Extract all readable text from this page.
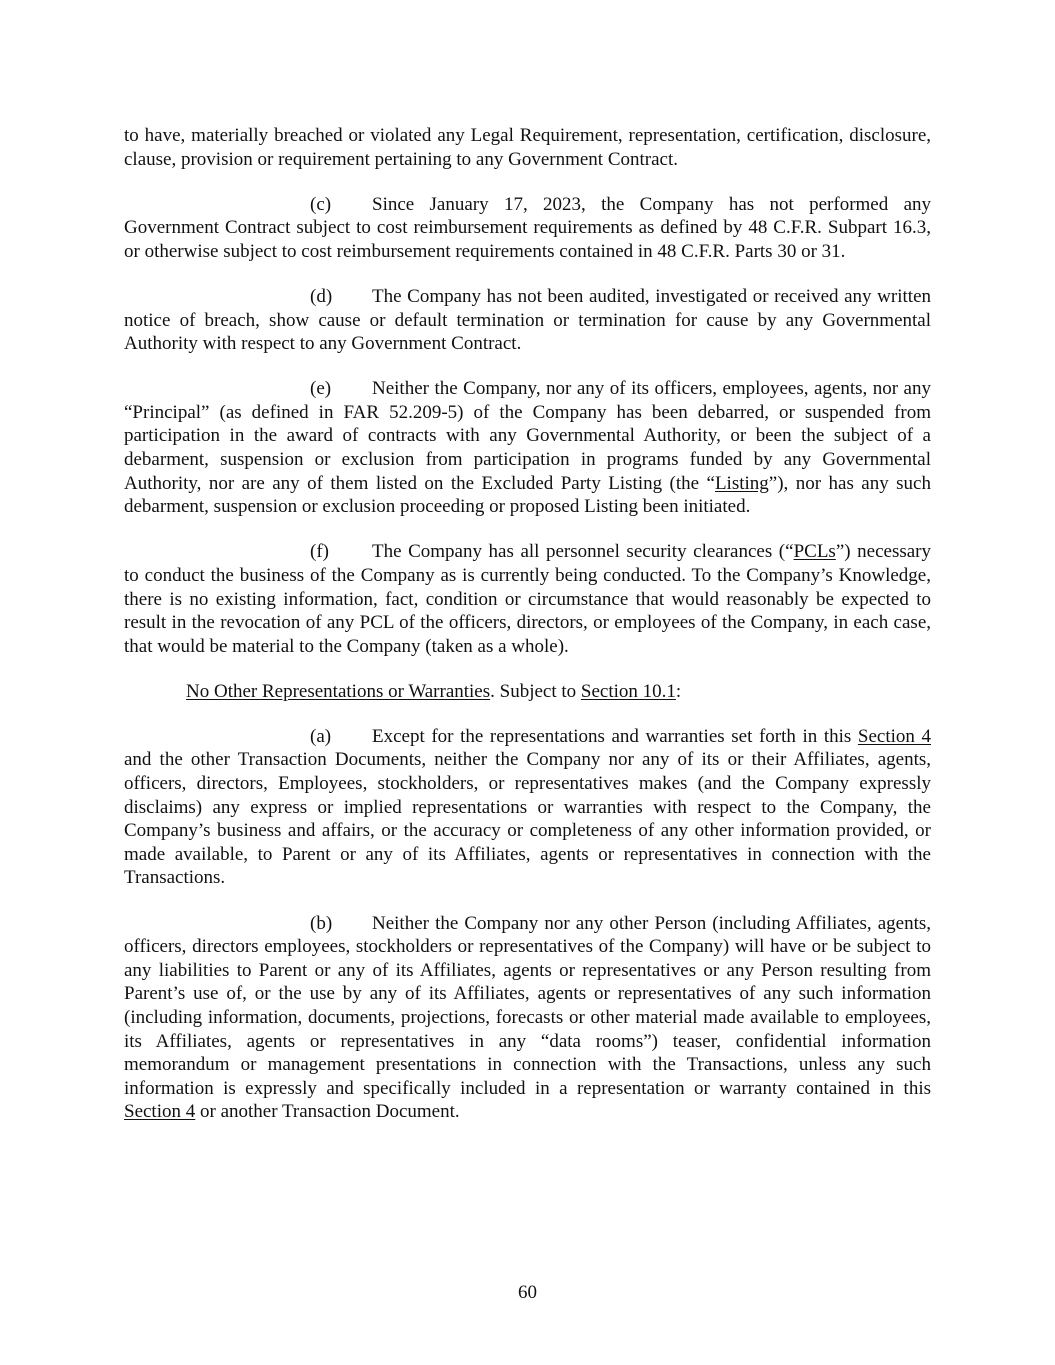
to have, materially breached or violated any Legal Requirement, representation, certification, disclosure, clause, provision or requirement pertaining to any Government Contract.

(c) Since January 17, 2023, the Company has not performed any Government Contract subject to cost reimbursement requirements as defined by 48 C.F.R. Subpart 16.3, or otherwise subject to cost reimbursement requirements contained in 48 C.F.R. Parts 30 or 31.

(d) The Company has not been audited, investigated or received any written notice of breach, show cause or default termination or termination for cause by any Governmental Authority with respect to any Government Contract.

(e) Neither the Company, nor any of its officers, employees, agents, nor any “Principal” (as defined in FAR 52.209-5) of the Company has been debarred, or suspended from participation in the award of contracts with any Governmental Authority, or been the subject of a debarment, suspension or exclusion from participation in programs funded by any Governmental Authority, nor are any of them listed on the Excluded Party Listing (the “Listing”), nor has any such debarment, suspension or exclusion proceeding or proposed Listing been initiated.

(f) The Company has all personnel security clearances (“PCLs”) necessary to conduct the business of the Company as is currently being conducted. To the Company’s Knowledge, there is no existing information, fact, condition or circumstance that would reasonably be expected to result in the revocation of any PCL of the officers, directors, or employees of the Company, in each case, that would be material to the Company (taken as a whole).

No Other Representations or Warranties. Subject to Section 10.1:

(a) Except for the representations and warranties set forth in this Section 4 and the other Transaction Documents, neither the Company nor any of its or their Affiliates, agents, officers, directors, Employees, stockholders, or representatives makes (and the Company expressly disclaims) any express or implied representations or warranties with respect to the Company, the Company’s business and affairs, or the accuracy or completeness of any other information provided, or made available, to Parent or any of its Affiliates, agents or representatives in connection with the Transactions.

(b) Neither the Company nor any other Person (including Affiliates, agents, officers, directors employees, stockholders or representatives of the Company) will have or be subject to any liabilities to Parent or any of its Affiliates, agents or representatives or any Person resulting from Parent’s use of, or the use by any of its Affiliates, agents or representatives of any such information (including information, documents, projections, forecasts or other material made available to employees, its Affiliates, agents or representatives in any “data rooms”) teaser, confidential information memorandum or management presentations in connection with the Transactions, unless any such information is expressly and specifically included in a representation or warranty contained in this Section 4 or another Transaction Document.

60
